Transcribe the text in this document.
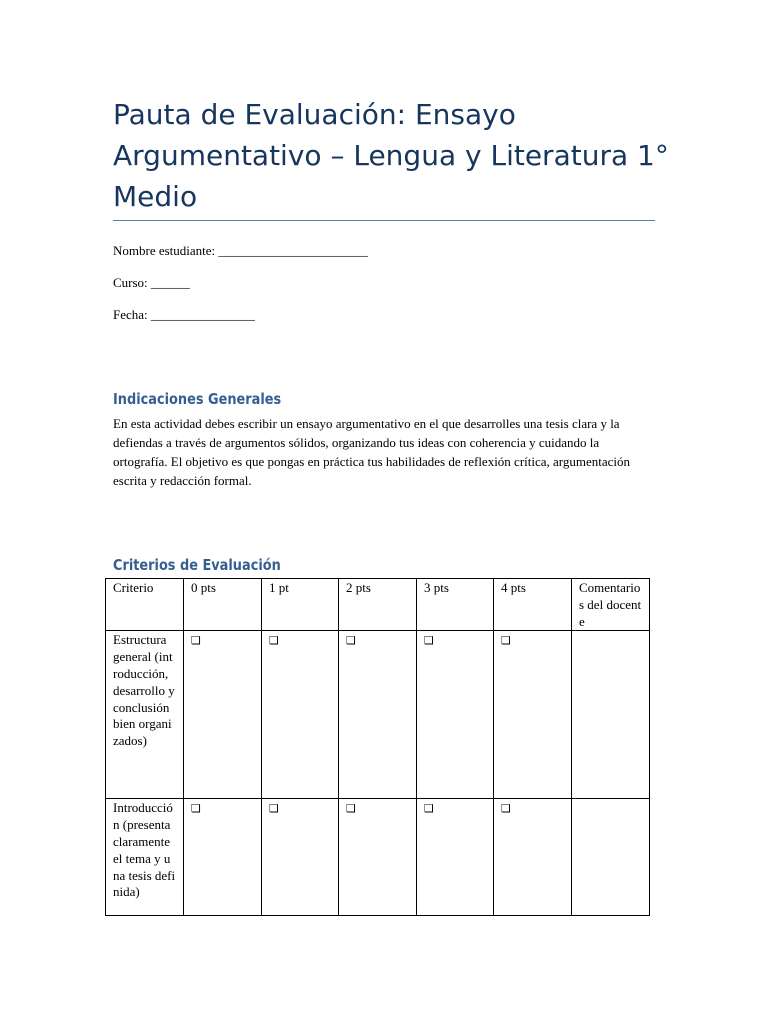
Pauta de Evaluación: Ensayo Argumentativo – Lengua y Literatura 1° Medio

Nombre estudiante: _______________________

Curso: ______

Fecha: ________________

Indicaciones Generales

En esta actividad debes escribir un ensayo argumentativo en el que desarrolles una tesis clara y la defiendas a través de argumentos sólidos, organizando tus ideas con coherencia y cuidando la ortografía. El objetivo es que pongas en práctica tus habilidades de reflexión crítica, argumentación escrita y redacción formal.

Criterios de Evaluación
Criterio	0 pts	1 pt	2 pts	3 pts	4 pts	Comentarios del docente
Estructura general (introducción, desarrollo y conclusión bien organizados)	❑	❑	❑	❑	❑	
Introducción (presenta claramente el tema y una tesis definida)	❑	❑	❑	❑	❑	
